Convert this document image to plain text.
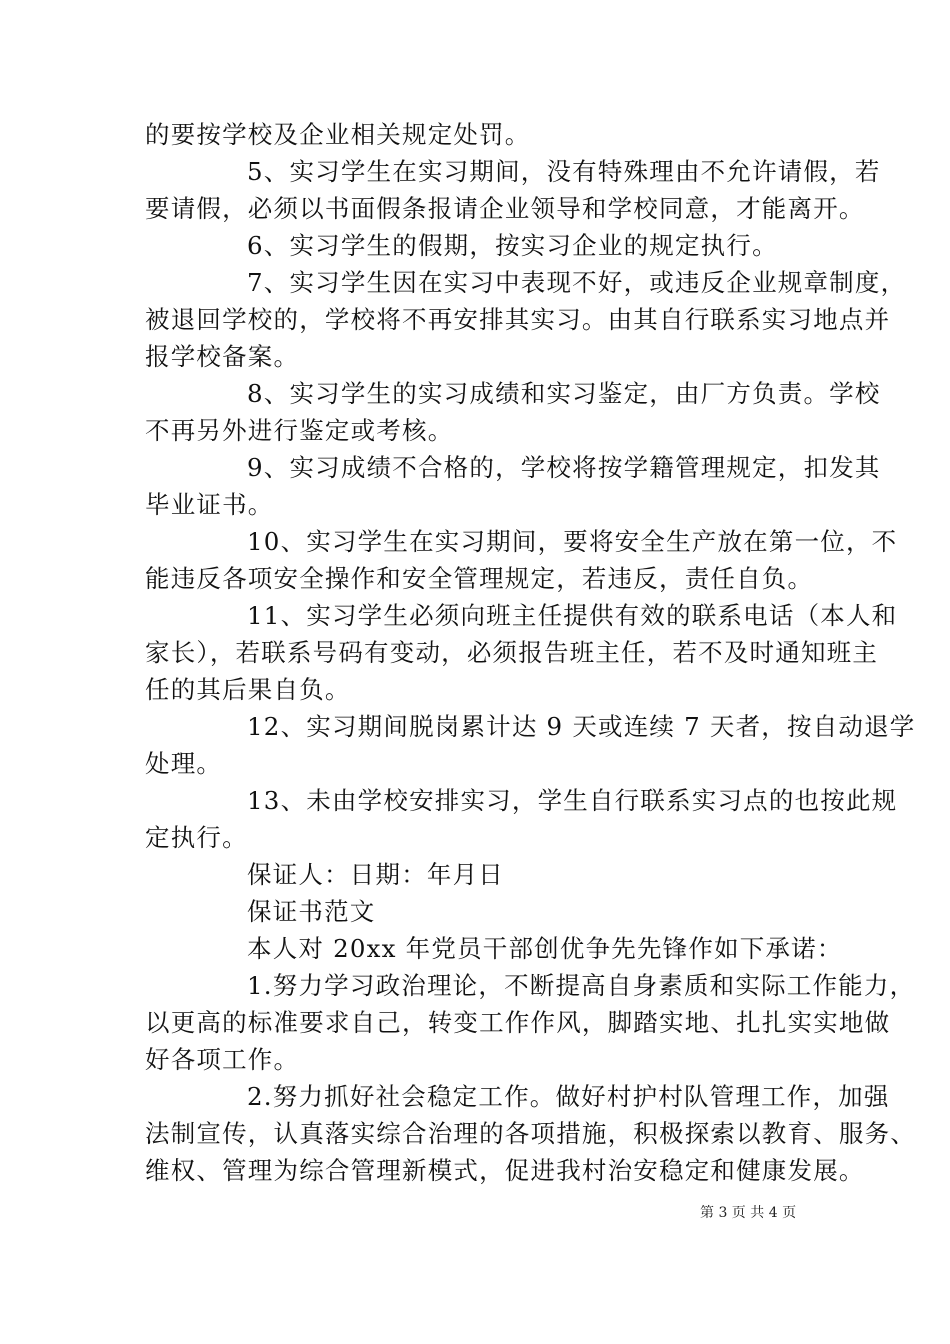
的要按学校及企业相关规定处罚。
5、实习学生在实习期间，没有特殊理由不允许请假，若
要请假，必须以书面假条报请企业领导和学校同意，才能离开。
6、实习学生的假期，按实习企业的规定执行。
7、实习学生因在实习中表现不好，或违反企业规章制度，
被退回学校的，学校将不再安排其实习。由其自行联系实习地点并
报学校备案。
8、实习学生的实习成绩和实习鉴定，由厂方负责。学校
不再另外进行鉴定或考核。
9、实习成绩不合格的，学校将按学籍管理规定，扣发其
毕业证书。
10、实习学生在实习期间，要将安全生产放在第一位，不
能违反各项安全操作和安全管理规定，若违反，责任自负。
11、实习学生必须向班主任提供有效的联系电话（本人和
家长），若联系号码有变动，必须报告班主任，若不及时通知班主
任的其后果自负。
12、实习期间脱岗累计达 9 天或连续 7 天者，按自动退学
处理。
13、未由学校安排实习，学生自行联系实习点的也按此规
定执行。
保证人：日期：年月日
保证书范文
本人对 20xx 年党员干部创优争先先锋作如下承诺：
1.努力学习政治理论，不断提高自身素质和实际工作能力，
以更高的标准要求自己，转变工作作风，脚踏实地、扎扎实实地做
好各项工作。
2.努力抓好社会稳定工作。做好村护村队管理工作，加强
法制宣传，认真落实综合治理的各项措施，积极探索以教育、服务、
维权、管理为综合管理新模式，促进我村治安稳定和健康发展。
第 3 页 共 4 页
